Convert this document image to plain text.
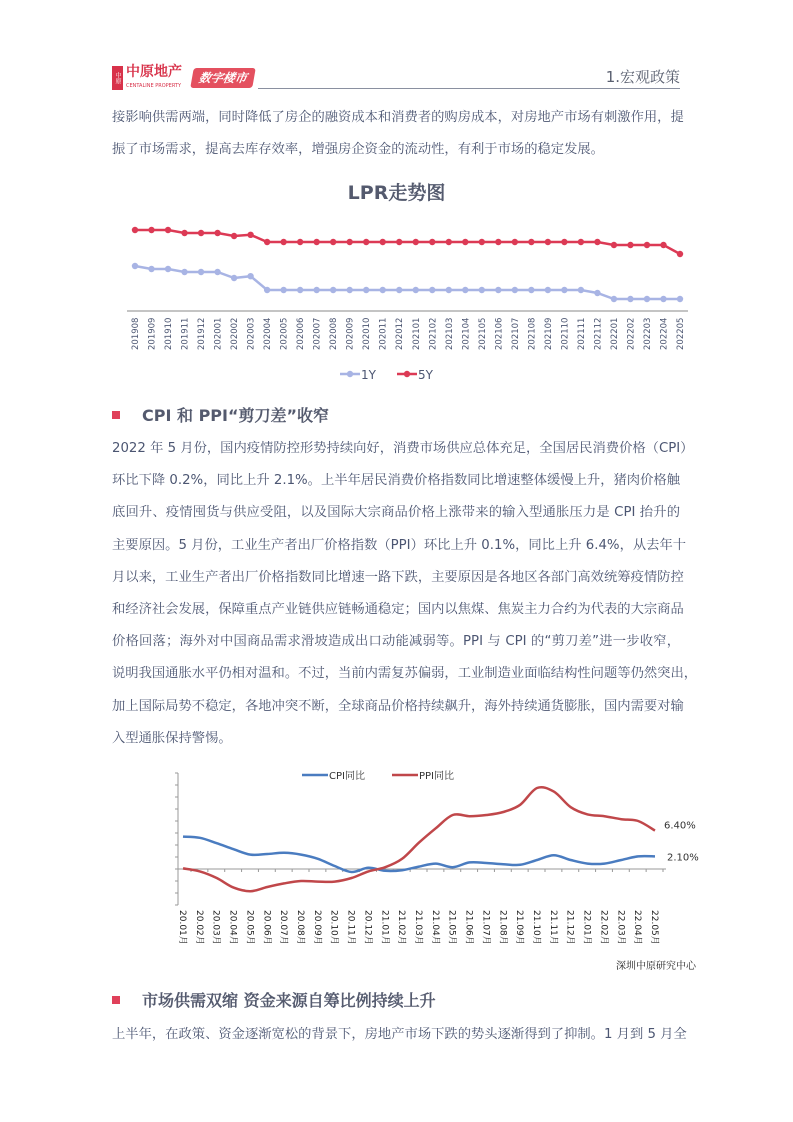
中原 中原地产
CENTALINE PROPERTY
数字楼市	1.宏观政策
接影响供需两端，同时降低了房企的融资成本和消费者的购房成本，对房地产市场有刺激作用，提
振了市场需求，提高去库存效率，增强房企资金的流动性，有利于市场的稳定发展。
LPR走势图
201908 201909 201910 201911 201912 202001 202002 202003 202004 202005 202006 202007 202008 202009 202010 202011 202012 202101 202102 202103 202104 202105 202106 202107 202108 202109 202110 202111 202112 202201 202202 202203 202204 202205
1Y	5Y
CPI 和 PPI“剪刀差”收窄
2022 年 5 月份，国内疫情防控形势持续向好，消费市场供应总体充足，全国居民消费价格（CPI）
环比下降 0.2%，同比上升 2.1%。上半年居民消费价格指数同比增速整体缓慢上升，猪肉价格触
底回升、疫情囤货与供应受阻，以及国际大宗商品价格上涨带来的输入型通胀压力是 CPI 抬升的
主要原因。5 月份，工业生产者出厂价格指数（PPI）环比上升 0.1%，同比上升 6.4%，从去年十
月以来，工业生产者出厂价格指数同比增速一路下跌，主要原因是各地区各部门高效统筹疫情防控
和经济社会发展，保障重点产业链供应链畅通稳定；国内以焦煤、焦炭主力合约为代表的大宗商品
价格回落；海外对中国商品需求滑坡造成出口动能减弱等。PPI 与 CPI 的“剪刀差”进一步收窄，
说明我国通胀水平仍相对温和。不过，当前内需复苏偏弱，工业制造业面临结构性问题等仍然突出，
加上国际局势不稳定，各地冲突不断，全球商品价格持续飙升，海外持续通货膨胀，国内需要对输
入型通胀保持警惕。
20.01月 20.02月 20.03月 20.04月 20.05月 20.06月 20.07月 20.08月 20.09月 20.10月 20.11月 20.12月 21.01月 21.02月 21.03月 21.04月 21.05月 21.06月 21.07月 21.08月 21.09月 21.10月 21.11月 21.12月 22.01月 22.02月 22.03月 22.04月 22.05月
2.10%
6.40%
CPI同比	PPI同比
深圳中原研究中心
市场供需双缩 资金来源自筹比例持续上升
上半年，在政策、资金逐渐宽松的背景下，房地产市场下跌的势头逐渐得到了抑制。1 月到 5 月全
